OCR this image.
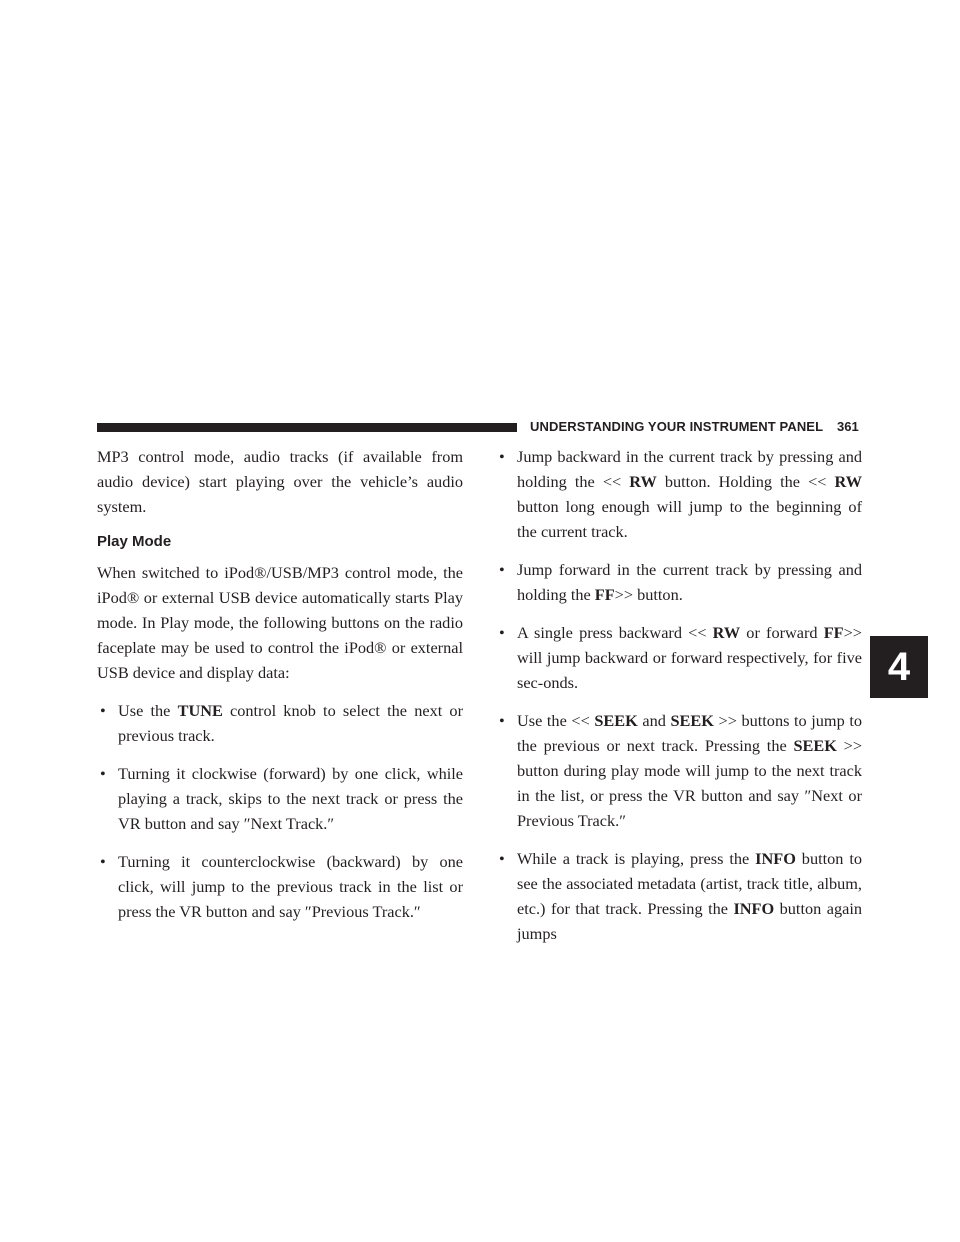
UNDERSTANDING YOUR INSTRUMENT PANEL 361
4

MP3 control mode, audio tracks (if available from audio device) start playing over the vehicle’s audio system.

Play Mode

When switched to iPod®/USB/MP3 control mode, the iPod® or external USB device automatically starts Play mode. In Play mode, the following buttons on the radio faceplate may be used to control the iPod® or external USB device and display data:

• Use the TUNE control knob to select the next or previous track.
• Turning it clockwise (forward) by one click, while playing a track, skips to the next track or press the VR button and say ″Next Track.″
• Turning it counterclockwise (backward) by one click, will jump to the previous track in the list or press the VR button and say ″Previous Track.″
• Jump backward in the current track by pressing and holding the << RW button. Holding the << RW button long enough will jump to the beginning of the current track.
• Jump forward in the current track by pressing and holding the FF>> button.
• A single press backward << RW or forward FF>> will jump backward or forward respectively, for five sec-onds.
• Use the << SEEK and SEEK >> buttons to jump to the previous or next track. Pressing the SEEK >> button during play mode will jump to the next track in the list, or press the VR button and say ″Next or Previous Track.″
• While a track is playing, press the INFO button to see the associated metadata (artist, track title, album, etc.) for that track. Pressing the INFO button again jumps
